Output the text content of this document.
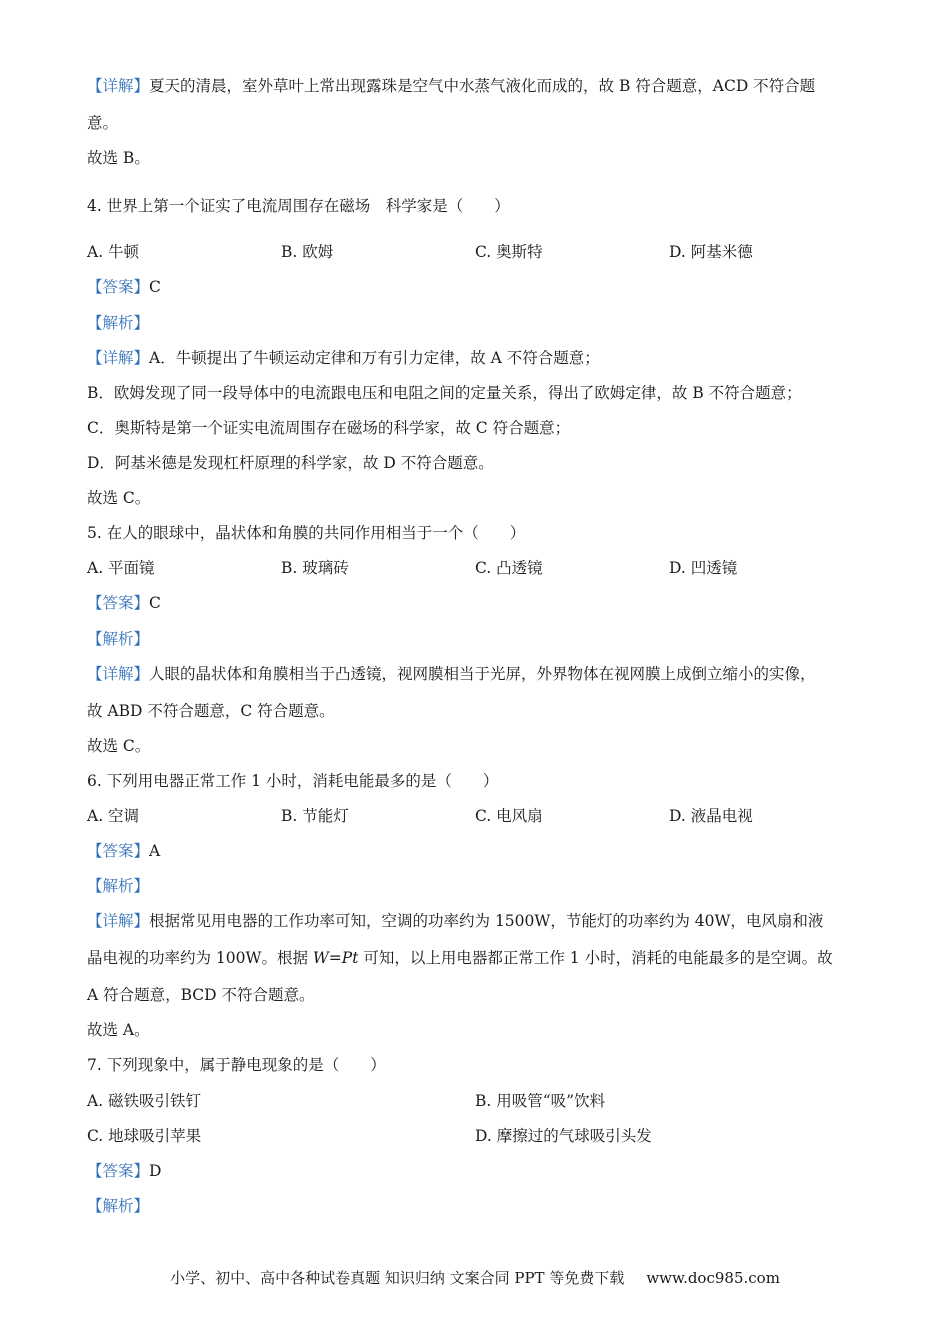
【详解】夏天的清晨，室外草叶上常出现露珠是空气中水蒸气液化而成的，故 B 符合题意，ACD 不符合题
意。
故选 B。
4. 世界上第一个证实了电流周围存在磁场　科学家是（　　）
A. 牛顿	B. 欧姆	C. 奥斯特	D. 阿基米德
【答案】C
【解析】
【详解】A．牛顿提出了牛顿运动定律和万有引力定律，故 A 不符合题意；
B．欧姆发现了同一段导体中的电流跟电压和电阻之间的定量关系，得出了欧姆定律，故 B 不符合题意；
C．奥斯特是第一个证实电流周围存在磁场的科学家，故 C 符合题意；
D．阿基米德是发现杠杆原理的科学家，故 D 不符合题意。
故选 C。
5. 在人的眼球中，晶状体和角膜的共同作用相当于一个（　　）
A. 平面镜	B. 玻璃砖	C. 凸透镜	D. 凹透镜
【答案】C
【解析】
【详解】人眼的晶状体和角膜相当于凸透镜，视网膜相当于光屏，外界物体在视网膜上成倒立缩小的实像，
故 ABD 不符合题意，C 符合题意。
故选 C。
6. 下列用电器正常工作 1 小时，消耗电能最多的是（　　）
A. 空调	B. 节能灯	C. 电风扇	D. 液晶电视
【答案】A
【解析】
【详解】根据常见用电器的工作功率可知，空调的功率约为 1500W，节能灯的功率约为 40W，电风扇和液
晶电视的功率约为 100W。根据 W=Pt 可知，以上用电器都正常工作 1 小时，消耗的电能最多的是空调。故
A 符合题意，BCD 不符合题意。
故选 A。
7. 下列现象中，属于静电现象的是（　　）
A. 磁铁吸引铁钉	B. 用吸管“吸”饮料
C. 地球吸引苹果	D. 摩擦过的气球吸引头发
【答案】D
【解析】
小学、初中、高中各种试卷真题 知识归纳 文案合同 PPT 等免费下载 www.doc985.com
